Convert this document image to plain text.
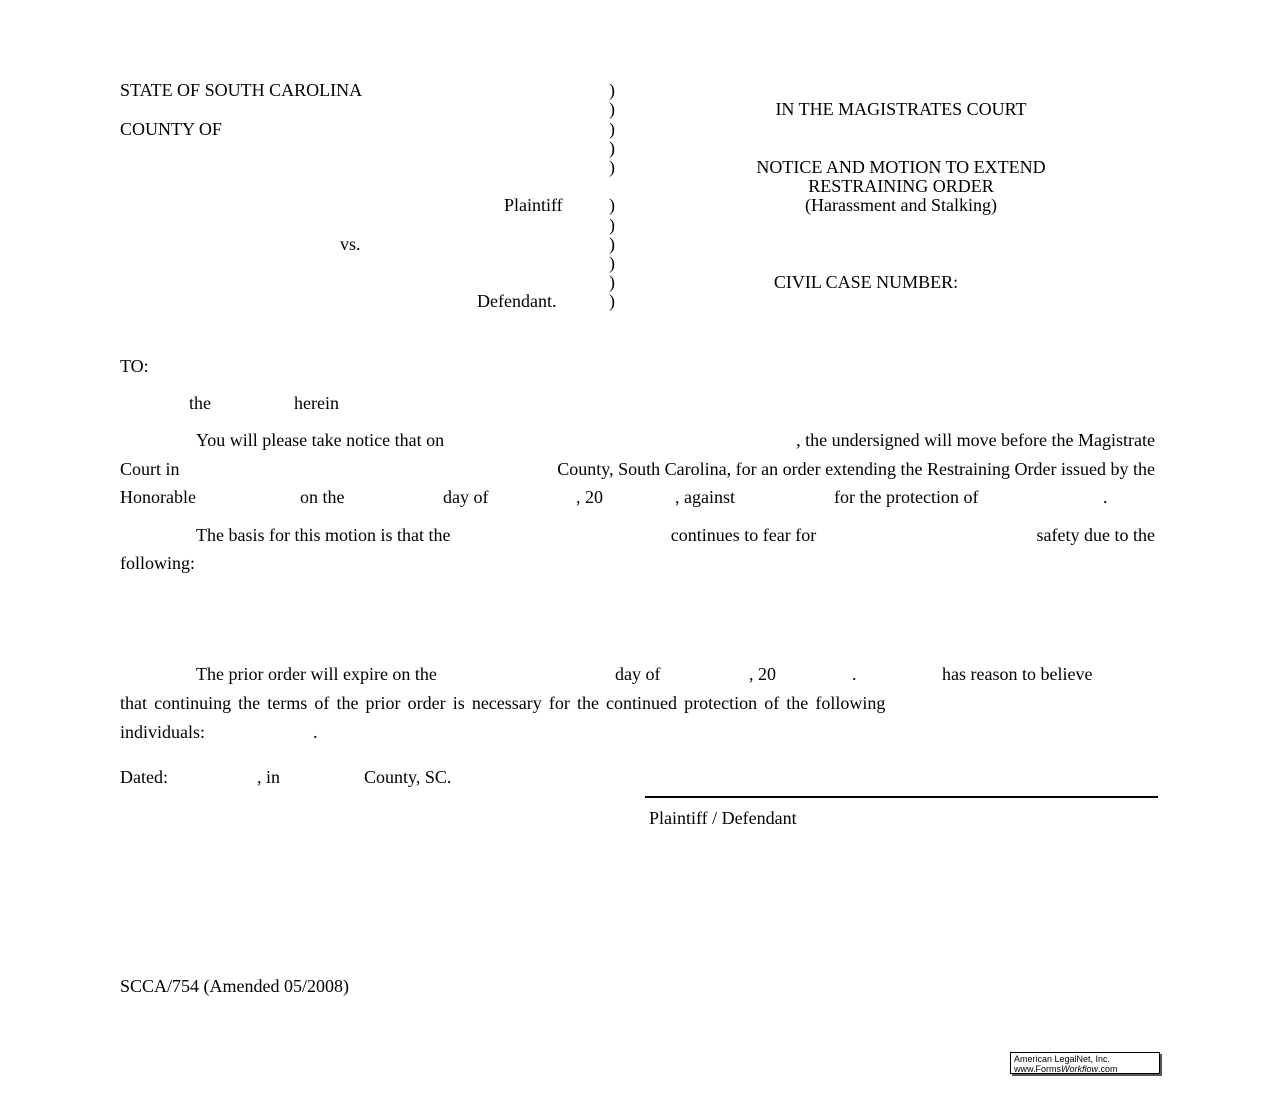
STATE OF SOUTH CAROLINA
COUNTY OF
Plaintiff
vs.
Defendant.
)
)
)
)
)
)
)
)
)
)
)
IN THE MAGISTRATES COURT
NOTICE AND MOTION TO EXTEND
RESTRAINING ORDER
(Harassment and Stalking)
CIVIL CASE NUMBER:
TO:
the	herein
You will please take notice that on	, the undersigned will move before the Magistrate
Court in	County, South Carolina, for an order extending the Restraining Order issued by the
Honorable	on the	day of	, 20	, against	for the protection of	.
The basis for this motion is that the	continues to fear for	safety due to the
following:
The prior order will expire on the	day of	, 20	.	has reason to believe
that continuing the terms of the prior order is necessary for the continued protection of the following
individuals:	.
Dated:	, in	County, SC.
Plaintiff / Defendant
SCCA/754 (Amended 05/2008)
American LegalNet, Inc.
www.FormsWorkflow.com
